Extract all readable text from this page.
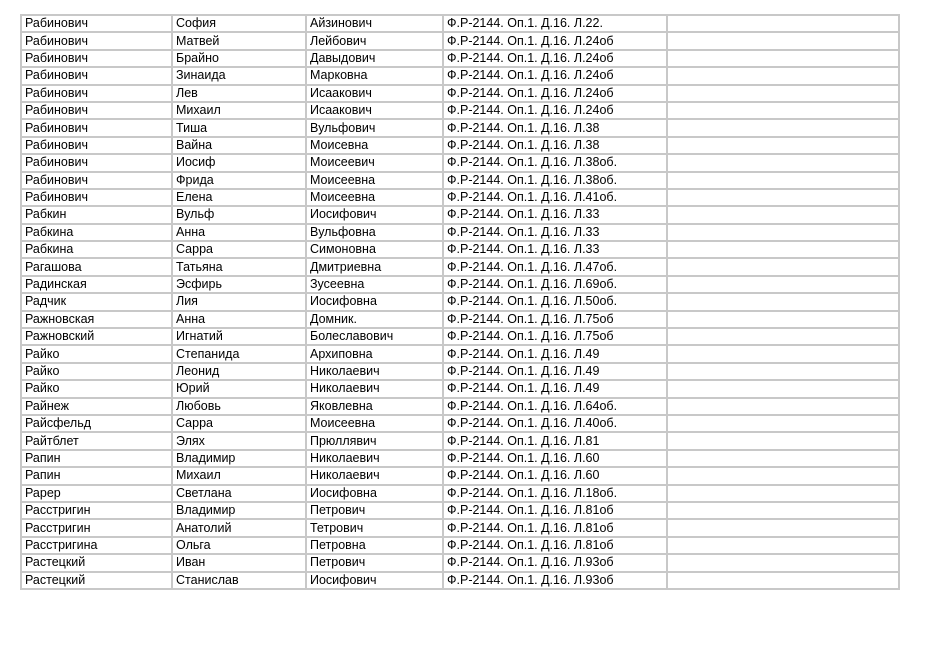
Рабинович	София	Айзинович	Ф.Р-2144. Оп.1. Д.16. Л.22.	
Рабинович	Матвей	Лейбович	Ф.Р-2144. Оп.1. Д.16. Л.24об	
Рабинович	Брайно	Давыдович	Ф.Р-2144. Оп.1. Д.16. Л.24об	
Рабинович	Зинаида	Марковна	Ф.Р-2144. Оп.1. Д.16. Л.24об	
Рабинович	Лев	Исаакович	Ф.Р-2144. Оп.1. Д.16. Л.24об	
Рабинович	Михаил	Исаакович	Ф.Р-2144. Оп.1. Д.16. Л.24об	
Рабинович	Тиша	Вульфович	Ф.Р-2144. Оп.1. Д.16. Л.38	
Рабинович	Вайна	Моисевна	Ф.Р-2144. Оп.1. Д.16. Л.38	
Рабинович	Иосиф	Моисеевич	Ф.Р-2144. Оп.1. Д.16. Л.38об.	
Рабинович	Фрида	Моисеевна	Ф.Р-2144. Оп.1. Д.16. Л.38об.	
Рабинович	Елена	Моисеевна	Ф.Р-2144. Оп.1. Д.16. Л.41об.	
Рабкин	Вульф	Иосифович	Ф.Р-2144. Оп.1. Д.16. Л.33	
Рабкина	Анна	Вульфовна	Ф.Р-2144. Оп.1. Д.16. Л.33	
Рабкина	Сарра	Симоновна	Ф.Р-2144. Оп.1. Д.16. Л.33	
Рагашова	Татьяна	Дмитриевна	Ф.Р-2144. Оп.1. Д.16. Л.47об.	
Радинская	Эсфирь	Зусеевна	Ф.Р-2144. Оп.1. Д.16. Л.69об.	
Радчик	Лия	Иосифовна	Ф.Р-2144. Оп.1. Д.16. Л.50об.	
Ражновская	Анна	Домник.	Ф.Р-2144. Оп.1. Д.16. Л.75об	
Ражновский	Игнатий	Болеславович	Ф.Р-2144. Оп.1. Д.16. Л.75об	
Райко	Степанида	Архиповна	Ф.Р-2144. Оп.1. Д.16. Л.49	
Райко	Леонид	Николаевич	Ф.Р-2144. Оп.1. Д.16. Л.49	
Райко	Юрий	Николаевич	Ф.Р-2144. Оп.1. Д.16. Л.49	
Райнеж	Любовь	Яковлевна	Ф.Р-2144. Оп.1. Д.16. Л.64об.	
Райсфельд	Сарра	Моисеевна	Ф.Р-2144. Оп.1. Д.16. Л.40об.	
Райтблет	Элях	Прюллявич	Ф.Р-2144. Оп.1. Д.16. Л.81	
Рапин	Владимир	Николаевич	Ф.Р-2144. Оп.1. Д.16. Л.60	
Рапин	Михаил	Николаевич	Ф.Р-2144. Оп.1. Д.16. Л.60	
Рарер	Светлана	Иосифовна	Ф.Р-2144. Оп.1. Д.16. Л.18об.	
Расстригин	Владимир	Петрович	Ф.Р-2144. Оп.1. Д.16. Л.81об	
Расстригин	Анатолий	Тетрович	Ф.Р-2144. Оп.1. Д.16. Л.81об	
Расстригина	Ольга	Петровна	Ф.Р-2144. Оп.1. Д.16. Л.81об	
Растецкий	Иван	Петрович	Ф.Р-2144. Оп.1. Д.16. Л.93об	
Растецкий	Станислав	Иосифович	Ф.Р-2144. Оп.1. Д.16. Л.93об	
